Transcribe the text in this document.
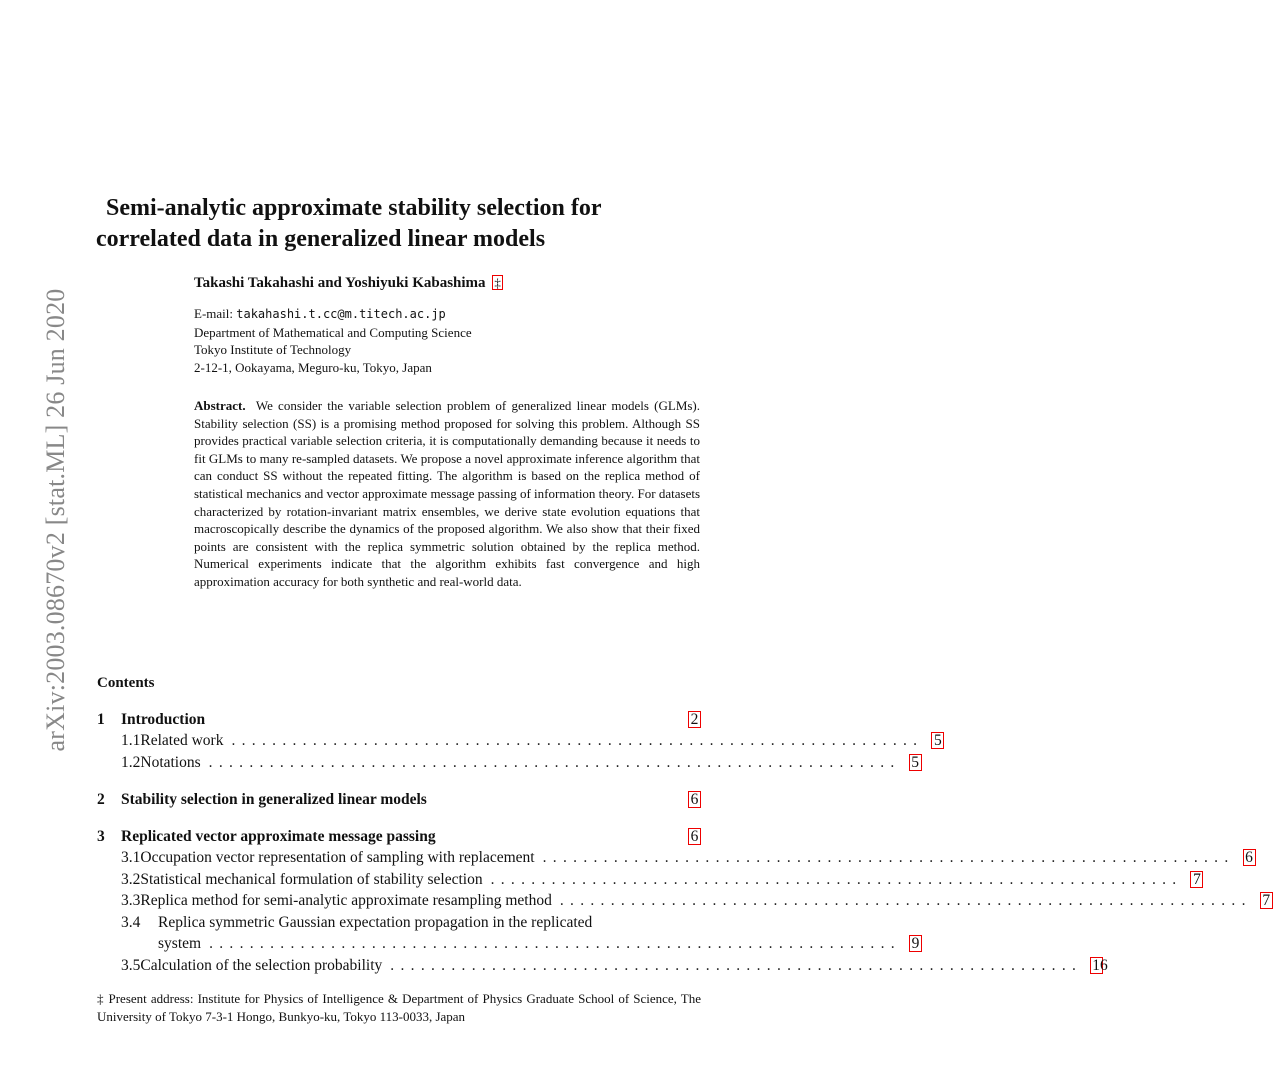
arXiv:2003.08670v2 [stat.ML] 26 Jun 2020
Semi-analytic approximate stability selection for
correlated data in generalized linear models
Takashi Takahashi and Yoshiyuki Kabashima ‡
E-mail: takahashi.t.cc@m.titech.ac.jp
Department of Mathematical and Computing Science
Tokyo Institute of Technology
2-12-1, Ookayama, Meguro-ku, Tokyo, Japan
Abstract. We consider the variable selection problem of generalized linear models (GLMs). Stability selection (SS) is a promising method proposed for solving this problem. Although SS provides practical variable selection criteria, it is computationally demanding because it needs to fit GLMs to many re-sampled datasets. We propose a novel approximate inference algorithm that can conduct SS without the repeated fitting. The algorithm is based on the replica method of statistical mechanics and vector approximate message passing of information theory. For datasets characterized by rotation-invariant matrix ensembles, we derive state evolution equations that macroscopically describe the dynamics of the proposed algorithm. We also show that their fixed points are consistent with the replica symmetric solution obtained by the replica method. Numerical experiments indicate that the algorithm exhibits fast convergence and high approximation accuracy for both synthetic and real-world data.
Contents
1	Introduction	2
1.1 Related work .................................................................... 5
1.2 Notations .................................................................... 5
2	Stability selection in generalized linear models	6
3	Replicated vector approximate message passing	6
3.1 Occupation vector representation of sampling with replacement .................................................................... 6
3.2 Statistical mechanical formulation of stability selection .................................................................... 7
3.3 Replica method for semi-analytic approximate resampling method .................................................................... 7
3.4	Replica symmetric Gaussian expectation propagation in the replicated
system .................................................................... 9
3.5 Calculation of the selection probability .................................................................... 16
‡ Present address: Institute for Physics of Intelligence & Department of Physics Graduate School of Science, The University of Tokyo 7-3-1 Hongo, Bunkyo-ku, Tokyo 113-0033, Japan
